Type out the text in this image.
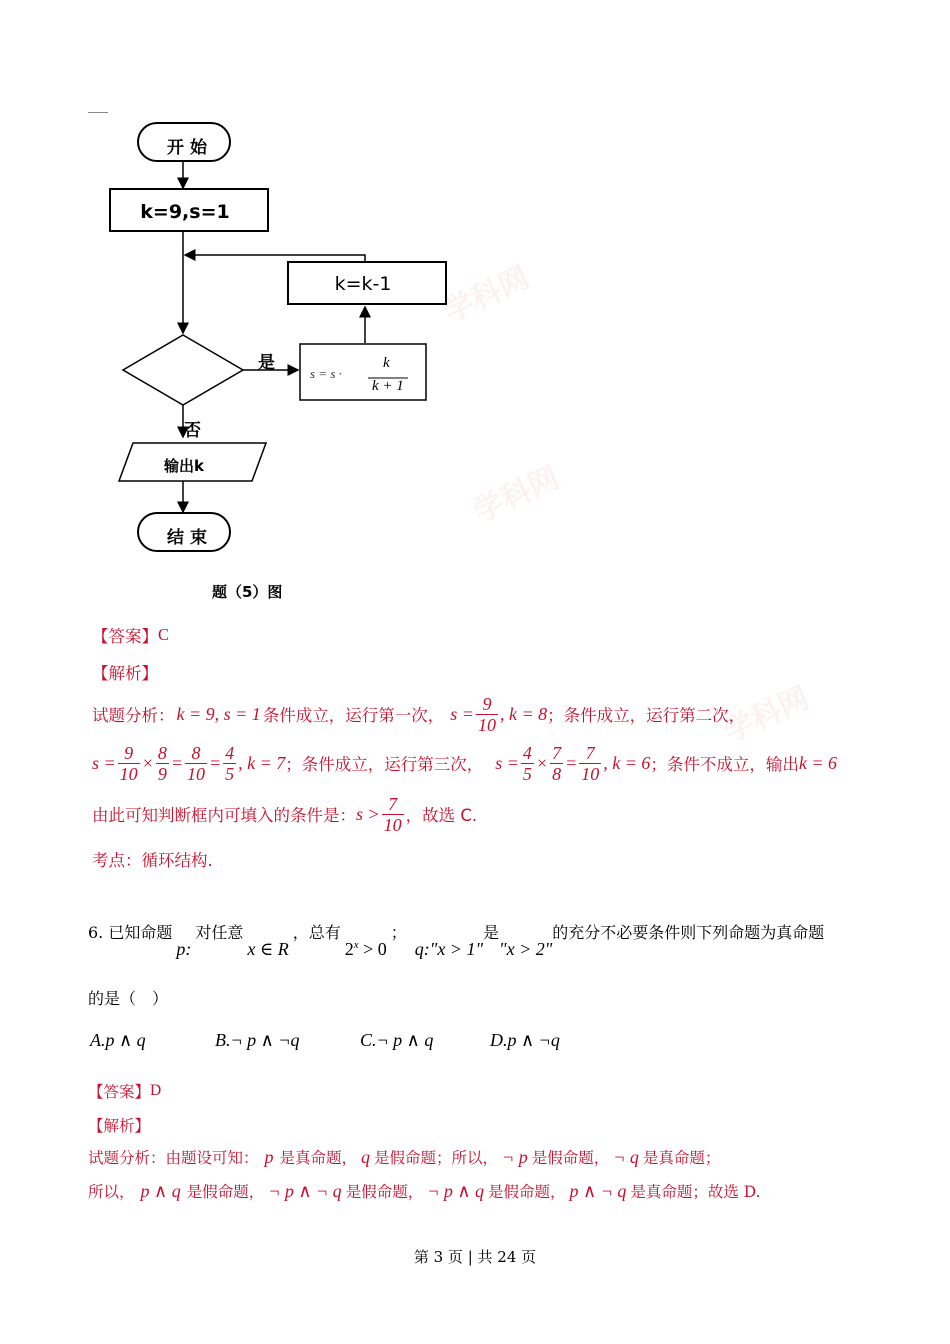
学科网
学科网
学科网
开 始
k=9,s=1
k=k-1
是
否
s = s ·
k
k + 1
输出k
结 束
题（5）图
【答案】 C
【解析】
试题分析： k = 9, s = 1 条件成立，运行第一次， $s = \frac{9}{10}$ , k = 8 ；条件成立，运行第二次，
$s = \frac{9}{10} \times \frac{8}{9} = \frac{8}{10} = \frac{4}{5}$ , k = 7 ；条件成立，运行第三次， $s = \frac{4}{5} \times \frac{7}{8} = \frac{7}{10}$ , k = 6 ；条件不成立，输出 k = 6
由此可知判断框内可填入的条件是： $s > \frac{7}{10}$ ，故选 C.
考点：循环结构.
6. 已知命题
p :
对任意
x ∈ R
，总有
$2^x > 0$
；
q :"x > 1"
是
"x > 2"
的充分不必要条件则下列命题为真命题
的是（　）
A.p ∧ q	B.¬ p ∧ ¬q	C.¬ p ∧ q	D.p ∧ ¬q
【答案】 D
【解析】
试题分析：由题设可知： p 是真命题， q 是假命题；所以， ¬ p 是假命题， ¬ q 是真命题；
所以， p ∧ q 是假命题， ¬ p ∧ ¬ q 是假命题， ¬ p ∧ q 是假命题， p ∧ ¬ q 是真命题；故选 D.
第 3 页 | 共 24 页
